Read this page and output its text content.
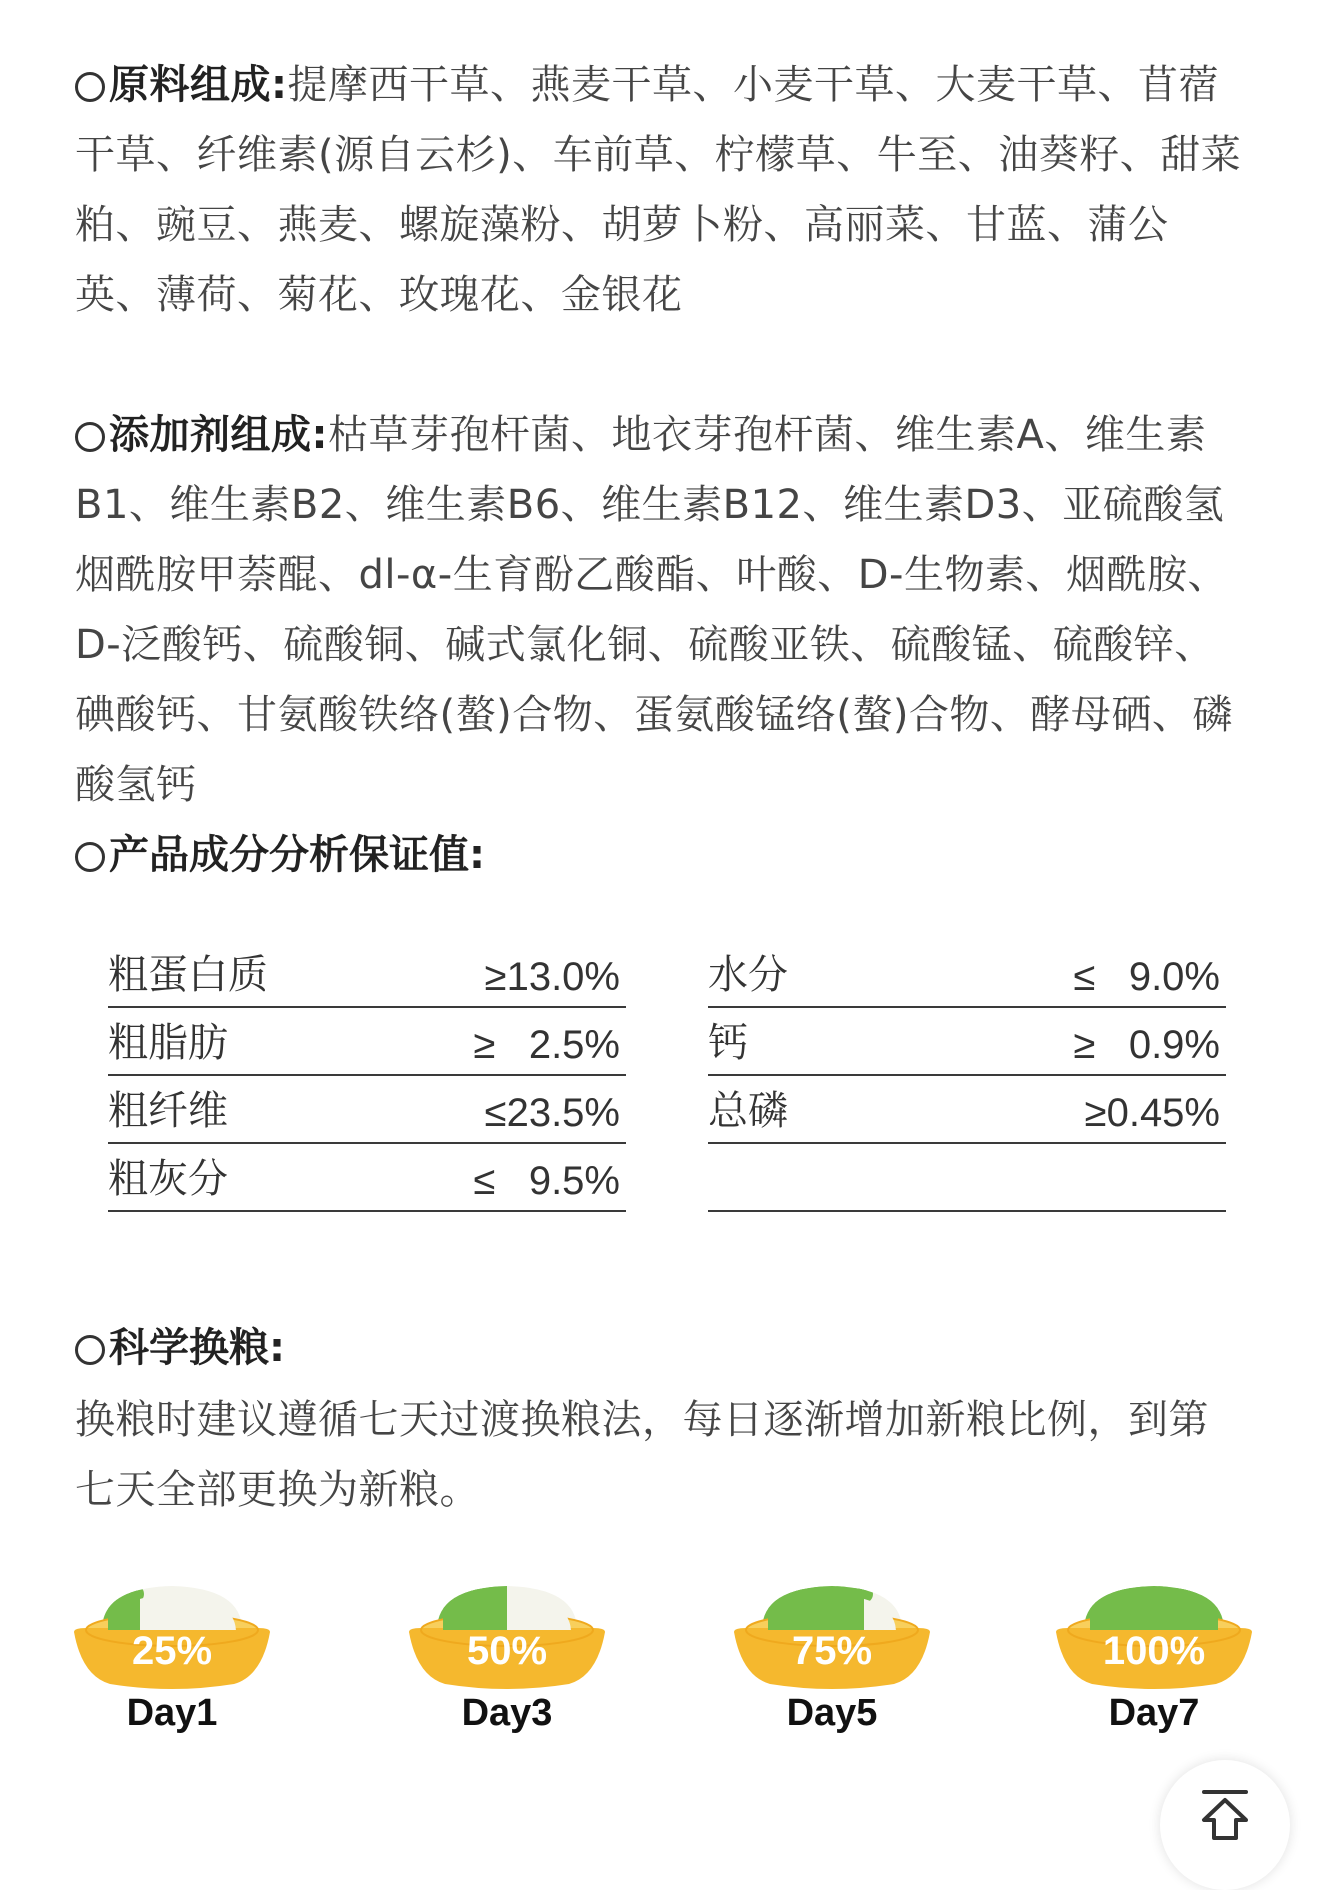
原料组成:提摩西干草、燕麦干草、小麦干草、大麦干草、苜蓿干草、纤维素(源自云杉)、车前草、柠檬草、牛至、油葵籽、甜菜粕、豌豆、燕麦、螺旋藻粉、胡萝卜粉、高丽菜、甘蓝、蒲公英、薄荷、菊花、玫瑰花、金银花

添加剂组成:枯草芽孢杆菌、地衣芽孢杆菌、维生素A、维生素B1、维生素B2、维生素B6、维生素B12、维生素D3、亚硫酸氢烟酰胺甲萘醌、dl-α-生育酚乙酸酯、叶酸、D-生物素、烟酰胺、D-泛酸钙、硫酸铜、碱式氯化铜、硫酸亚铁、硫酸锰、硫酸锌、碘酸钙、甘氨酸铁络(螯)合物、蛋氨酸锰络(螯)合物、酵母硒、磷酸氢钙

产品成分分析保证值:

粗蛋白质	≥13.0%
粗脂肪	≥   2.5%
粗纤维	≤23.5%
粗灰分	≤   9.5%
水分	≤   9.0%
钙	≥   0.9%
总磷	≥0.45%

科学换粮:

换粮时建议遵循七天过渡换粮法，每日逐渐增加新粮比例，到第七天全部更换为新粮。

25%
Day1
50%
Day3
75%
Day5
100%
Day7
